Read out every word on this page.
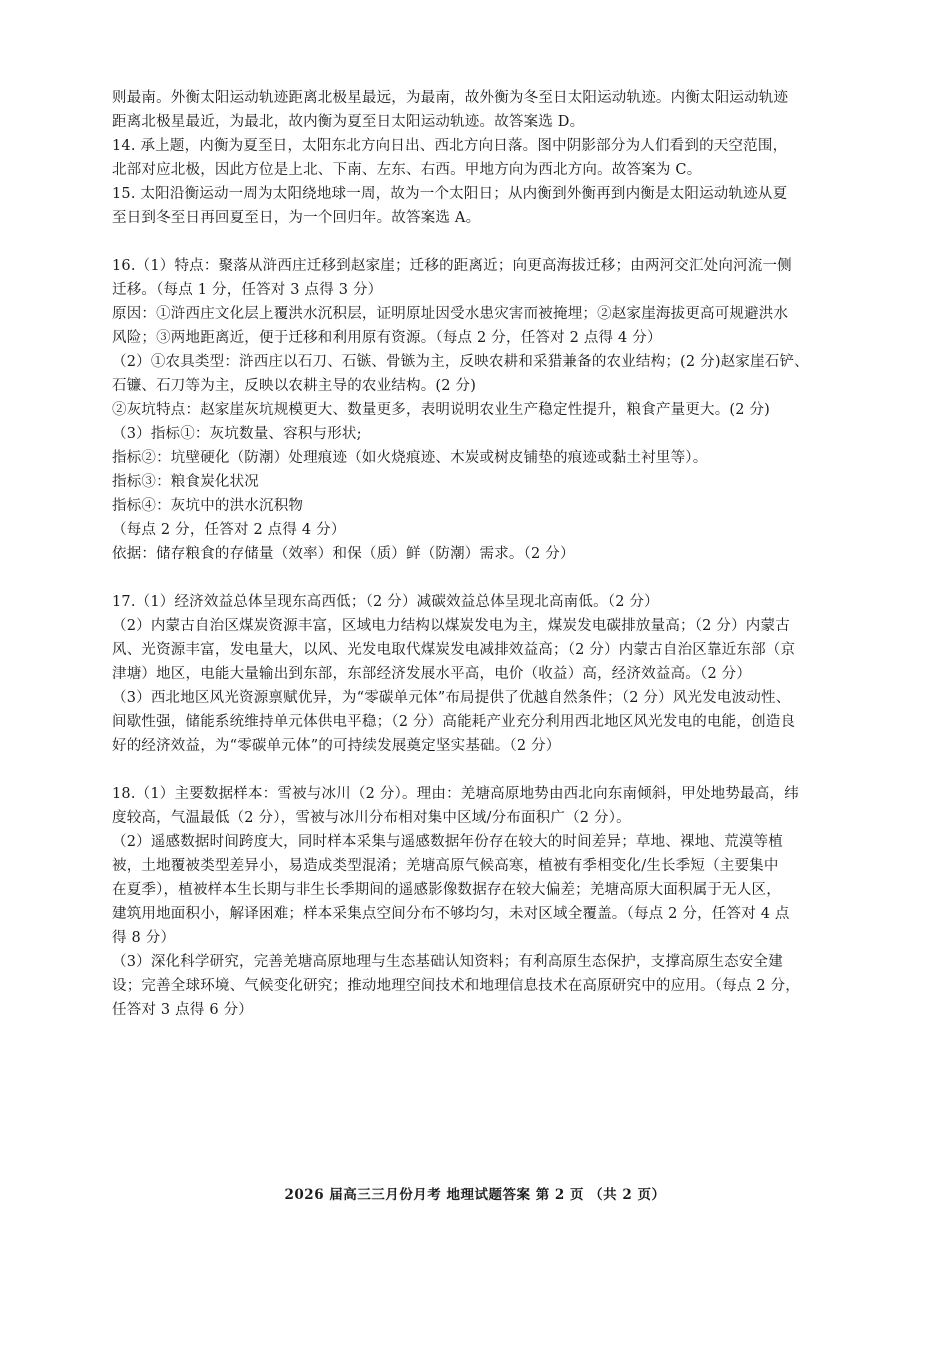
则最南。外衡太阳运动轨迹距离北极星最远，为最南，故外衡为冬至日太阳运动轨迹。内衡太阳运动轨迹
距离北极星最近，为最北，故内衡为夏至日太阳运动轨迹。故答案选 D。
14. 承上题，内衡为夏至日，太阳东北方向日出、西北方向日落。图中阴影部分为人们看到的天空范围，
北部对应北极，因此方位是上北、下南、左东、右西。甲地方向为西北方向。故答案为 C。
15. 太阳沿衡运动一周为太阳绕地球一周，故为一个太阳日；从内衡到外衡再到内衡是太阳运动轨迹从夏
至日到冬至日再回夏至日，为一个回归年。故答案选 A。
16.（1）特点：聚落从浒西庄迁移到赵家崖；迁移的距离近；向更高海拔迁移；由两河交汇处向河流一侧
迁移。（每点 1 分，任答对 3 点得 3 分）
原因：①浒西庄文化层上覆洪水沉积层，证明原址因受水患灾害而被掩埋；②赵家崖海拔更高可规避洪水
风险；③两地距离近，便于迁移和利用原有资源。（每点 2 分，任答对 2 点得 4 分）
（2）①农具类型：浒西庄以石刀、石镞、骨镞为主，反映农耕和采猎兼备的农业结构；(2 分)赵家崖石铲、
石镰、石刀等为主，反映以农耕主导的农业结构。(2 分)
②灰坑特点：赵家崖灰坑规模更大、数量更多，表明说明农业生产稳定性提升，粮食产量更大。(2 分)
（3）指标①：灰坑数量、容积与形状;
指标②：坑壁硬化（防潮）处理痕迹（如火烧痕迹、木炭或树皮铺垫的痕迹或黏土衬里等）。
指标③：粮食炭化状况
指标④：灰坑中的洪水沉积物
（每点 2 分，任答对 2 点得 4 分）
依据：储存粮食的存储量（效率）和保（质）鲜（防潮）需求。（2 分）
17.（1）经济效益总体呈现东高西低；（2 分）减碳效益总体呈现北高南低。（2 分）
（2）内蒙古自治区煤炭资源丰富，区域电力结构以煤炭发电为主，煤炭发电碳排放量高；（2 分）内蒙古
风、光资源丰富，发电量大，以风、光发电取代煤炭发电减排效益高；（2 分）内蒙古自治区靠近东部（京
津塘）地区，电能大量输出到东部，东部经济发展水平高，电价（收益）高，经济效益高。（2 分）
（3）西北地区风光资源禀赋优异，为“零碳单元体”布局提供了优越自然条件；（2 分）风光发电波动性、
间歇性强，储能系统维持单元体供电平稳；（2 分）高能耗产业充分利用西北地区风光发电的电能，创造良
好的经济效益，为“零碳单元体”的可持续发展奠定坚实基础。（2 分）
18.（1）主要数据样本：雪被与冰川（2 分）。理由：羌塘高原地势由西北向东南倾斜，甲处地势最高，纬
度较高，气温最低（2 分），雪被与冰川分布相对集中区域/分布面积广（2 分）。
（2）遥感数据时间跨度大，同时样本采集与遥感数据年份存在较大的时间差异；草地、裸地、荒漠等植
被，土地覆被类型差异小，易造成类型混淆；羌塘高原气候高寒，植被有季相变化/生长季短（主要集中
在夏季），植被样本生长期与非生长季期间的遥感影像数据存在较大偏差；羌塘高原大面积属于无人区，
建筑用地面积小，解译困难；样本采集点空间分布不够均匀，未对区域全覆盖。（每点 2 分，任答对 4 点
得 8 分）
（3）深化科学研究，完善羌塘高原地理与生态基础认知资料；有利高原生态保护，支撑高原生态安全建
设；完善全球环境、气候变化研究；推动地理空间技术和地理信息技术在高原研究中的应用。（每点 2 分，
任答对 3 点得 6 分）
2026 届高三三月份月考 地理试题答案 第 2 页 （共 2 页）
